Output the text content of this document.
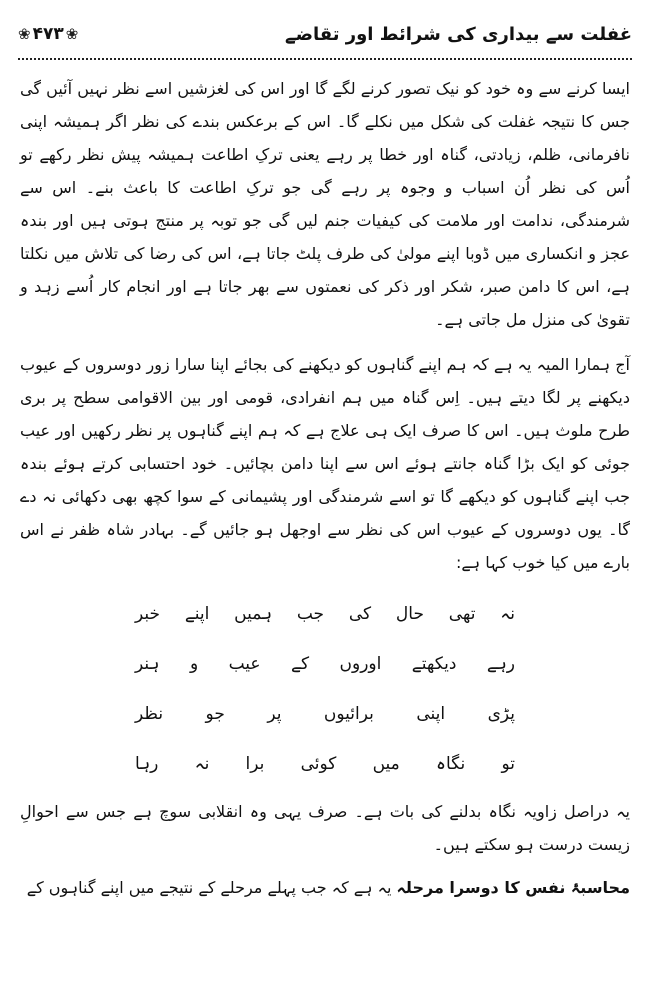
غفلت سے بیداری کی شرائط اور تقاضے
❀ ۴۷۳ ❀

ایسا کرنے سے وہ خود کو نیک تصور کرنے لگے گا اور اس کی لغزشیں اسے نظر نہیں آئیں گی جس کا نتیجہ غفلت کی شکل میں نکلے گا۔ اس کے برعکس بندے کی نظر اگر ہمیشہ اپنی نافرمانی، ظلم، زیادتی، گناہ اور خطا پر رہے یعنی ترکِ اطاعت ہمیشہ پیش نظر رکھے تو اُس کی نظر اُن اسباب و وجوہ پر رہے گی جو ترکِ اطاعت کا باعث بنے۔ اس سے شرمندگی، ندامت اور ملامت کی کیفیات جنم لیں گی جو توبہ پر منتج ہوتی ہیں اور بندہ عجز و انکساری میں ڈوبا اپنے مولیٰ کی طرف پلٹ جاتا ہے، اس کی رضا کی تلاش میں نکلتا ہے، اس کا دامن صبر، شکر اور ذکر کی نعمتوں سے بھر جاتا ہے اور انجام کار اُسے زہد و تقویٰ کی منزل مل جاتی ہے۔

آج ہمارا المیہ یہ ہے کہ ہم اپنے گناہوں کو دیکھنے کی بجائے اپنا سارا زور دوسروں کے عیوب دیکھنے پر لگا دیتے ہیں۔ اِس گناہ میں ہم انفرادی، قومی اور بین الاقوامی سطح پر بری طرح ملوث ہیں۔ اس کا صرف ایک ہی علاج ہے کہ ہم اپنے گناہوں پر نظر رکھیں اور عیب جوئی کو ایک بڑا گناہ جانتے ہوئے اس سے اپنا دامن بچائیں۔ خود احتسابی کرتے ہوئے بندہ جب اپنے گناہوں کو دیکھے گا تو اسے شرمندگی اور پشیمانی کے سوا کچھ بھی دکھائی نہ دے گا۔ یوں دوسروں کے عیوب اس کی نظر سے اوجھل ہو جائیں گے۔ بہادر شاہ ظفر نے اس بارے میں کیا خوب کہا ہے:

نہ
تھی
حال
کی
جب
ہمیں
اپنے
خبر
رہے
دیکھتے
اوروں
کے
عیب
و
ہنر
پڑی
اپنی
برائیوں
پر
جو
نظر
تو
نگاہ
میں
کوئی
برا
نہ
رہا

یہ دراصل زاویہ نگاہ بدلنے کی بات ہے۔ صرف یہی وہ انقلابی سوچ ہے جس سے احوالِ زیست درست ہو سکتے ہیں۔

محاسبۂ نفس کا دوسرا مرحلہ یہ ہے کہ جب پہلے مرحلے کے نتیجے میں اپنے گناہوں کے
